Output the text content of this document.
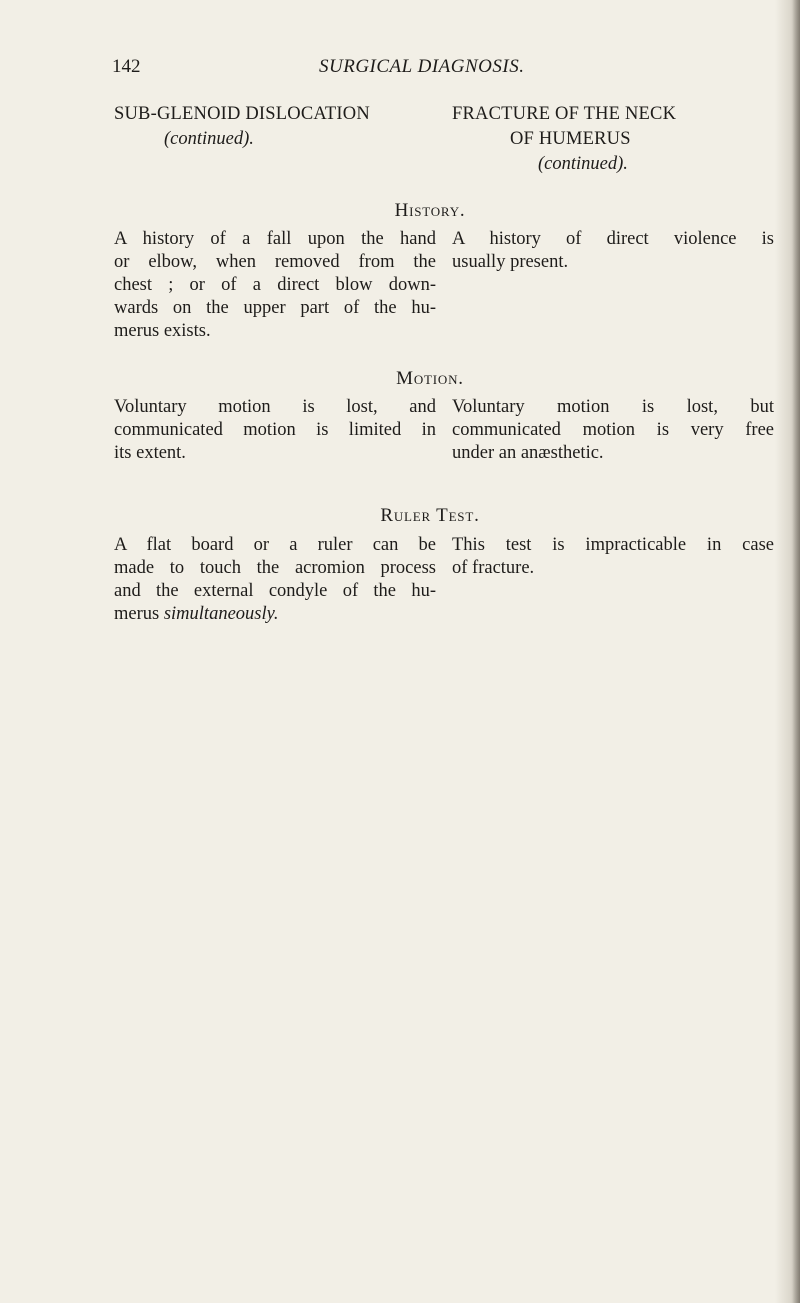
142	SURGICAL DIAGNOSIS.
SUB-GLENOID DISLOCATION
(continued).
FRACTURE OF THE NECK
OF HUMERUS
(continued).
History.

A history of a fall upon the hand
or elbow, when removed from the
chest ; or of a direct blow down-
wards on the upper part of the hu-
merus exists.

A history of direct violence is
usually present.

Motion.

Voluntary motion is lost, and
communicated motion is limited in
its extent.

Voluntary motion is lost, but
communicated motion is very free
under an anæsthetic.

Ruler Test.

A flat board or a ruler can be
made to touch the acromion process
and the external condyle of the hu-
merus simultaneously.

This test is impracticable in case
of fracture.
